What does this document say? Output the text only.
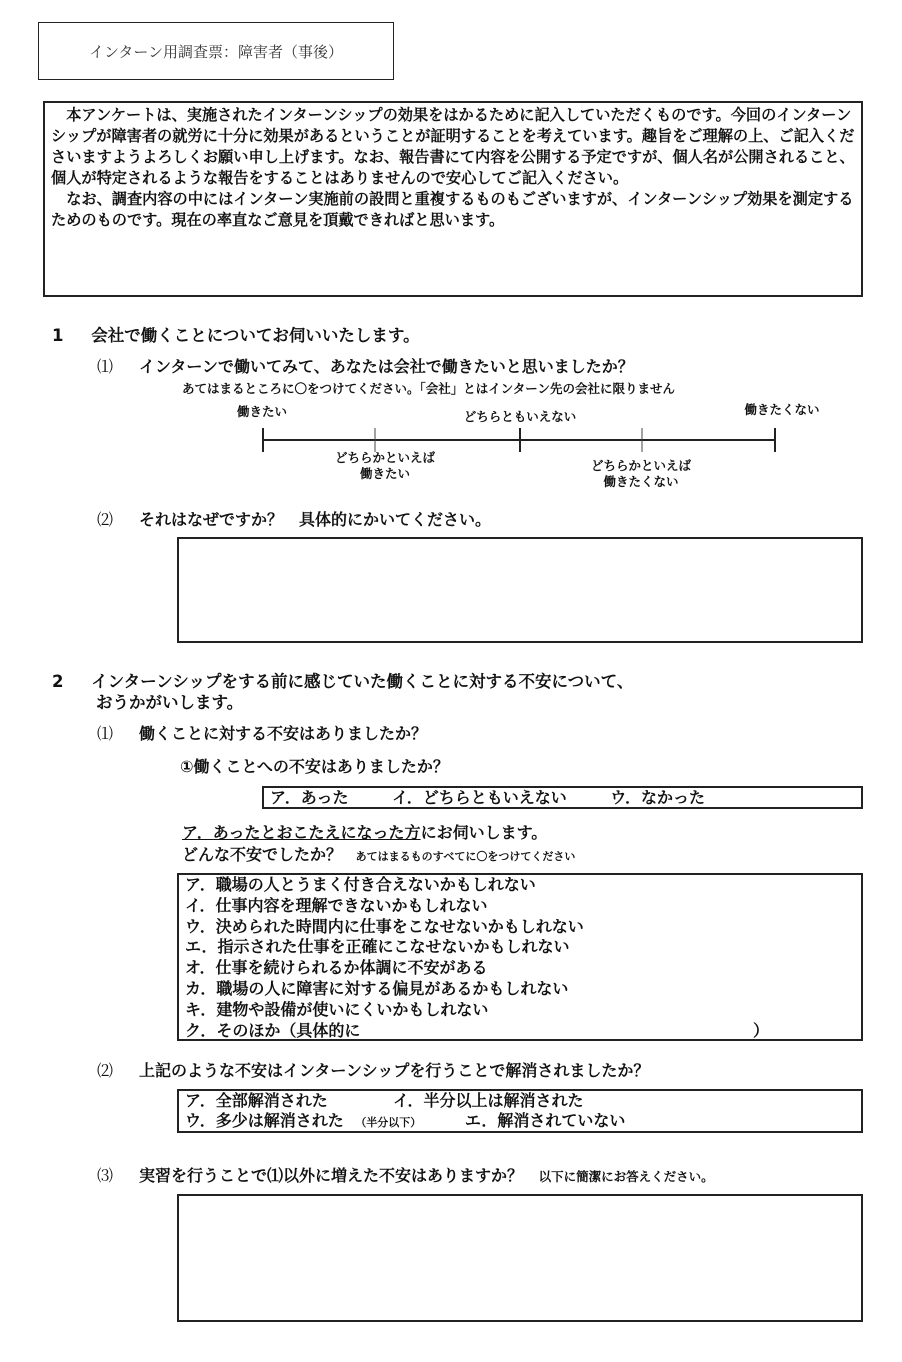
インターン用調査票：障害者（事後）

本アンケートは、実施されたインターンシップの効果をはかるために記入していただくものです。今回のインターンシップが障害者の就労に十分に効果があるということが証明することを考えています。趣旨をご理解の上、ご記入くださいますようよろしくお願い申し上げます。なお、報告書にて内容を公開する予定ですが、個人名が公開されること、個人が特定されるような報告をすることはありませんので安心してご記入ください。

なお、調査内容の中にはインターン実施前の設問と重複するものもございますが、インターンシップ効果を測定するためのものです。現在の率直なご意見を頂戴できればと思います。

1 会社で働くことについてお伺いいたします。
⑴ インターンで働いてみて、あなたは会社で働きたいと思いましたか？
あてはまるところに〇をつけてください。「会社」とはインターン先の会社に限りません
働きたい	どちらともいえない	働きたくない
どちらかといえば
働きたい
どちらかといえば
働きたくない
⑵ それはなぜですか？　具体的にかいてください。
2 インターンシップをする前に感じていた働くことに対する不安について、
おうかがいします。
⑴ 働くことに対する不安はありましたか？
①働くことへの不安はありましたか？
ア．あった	イ．どちらともいえない	ウ．なかった
ア．あったとおこたえになった方にお伺いします。
どんな不安でしたか？ あてはまるものすべてに〇をつけてください
ア．職場の人とうまく付き合えないかもしれない
イ．仕事内容を理解できないかもしれない
ウ．決められた時間内に仕事をこなせないかもしれない
エ．指示された仕事を正確にこなせないかもしれない
オ．仕事を続けられるか体調に不安がある
カ．職場の人に障害に対する偏見があるかもしれない
キ．建物や設備が使いにくいかもしれない
ク．そのほか（具体的に	）
⑵ 上記のような不安はインターンシップを行うことで解消されましたか？
ア．全部解消された	イ．半分以上は解消された
ウ．多少は解消された （半分以下）	エ．解消されていない
⑶ 実習を行うことで⑴以外に増えた不安はありますか？ 以下に簡潔にお答えください。
